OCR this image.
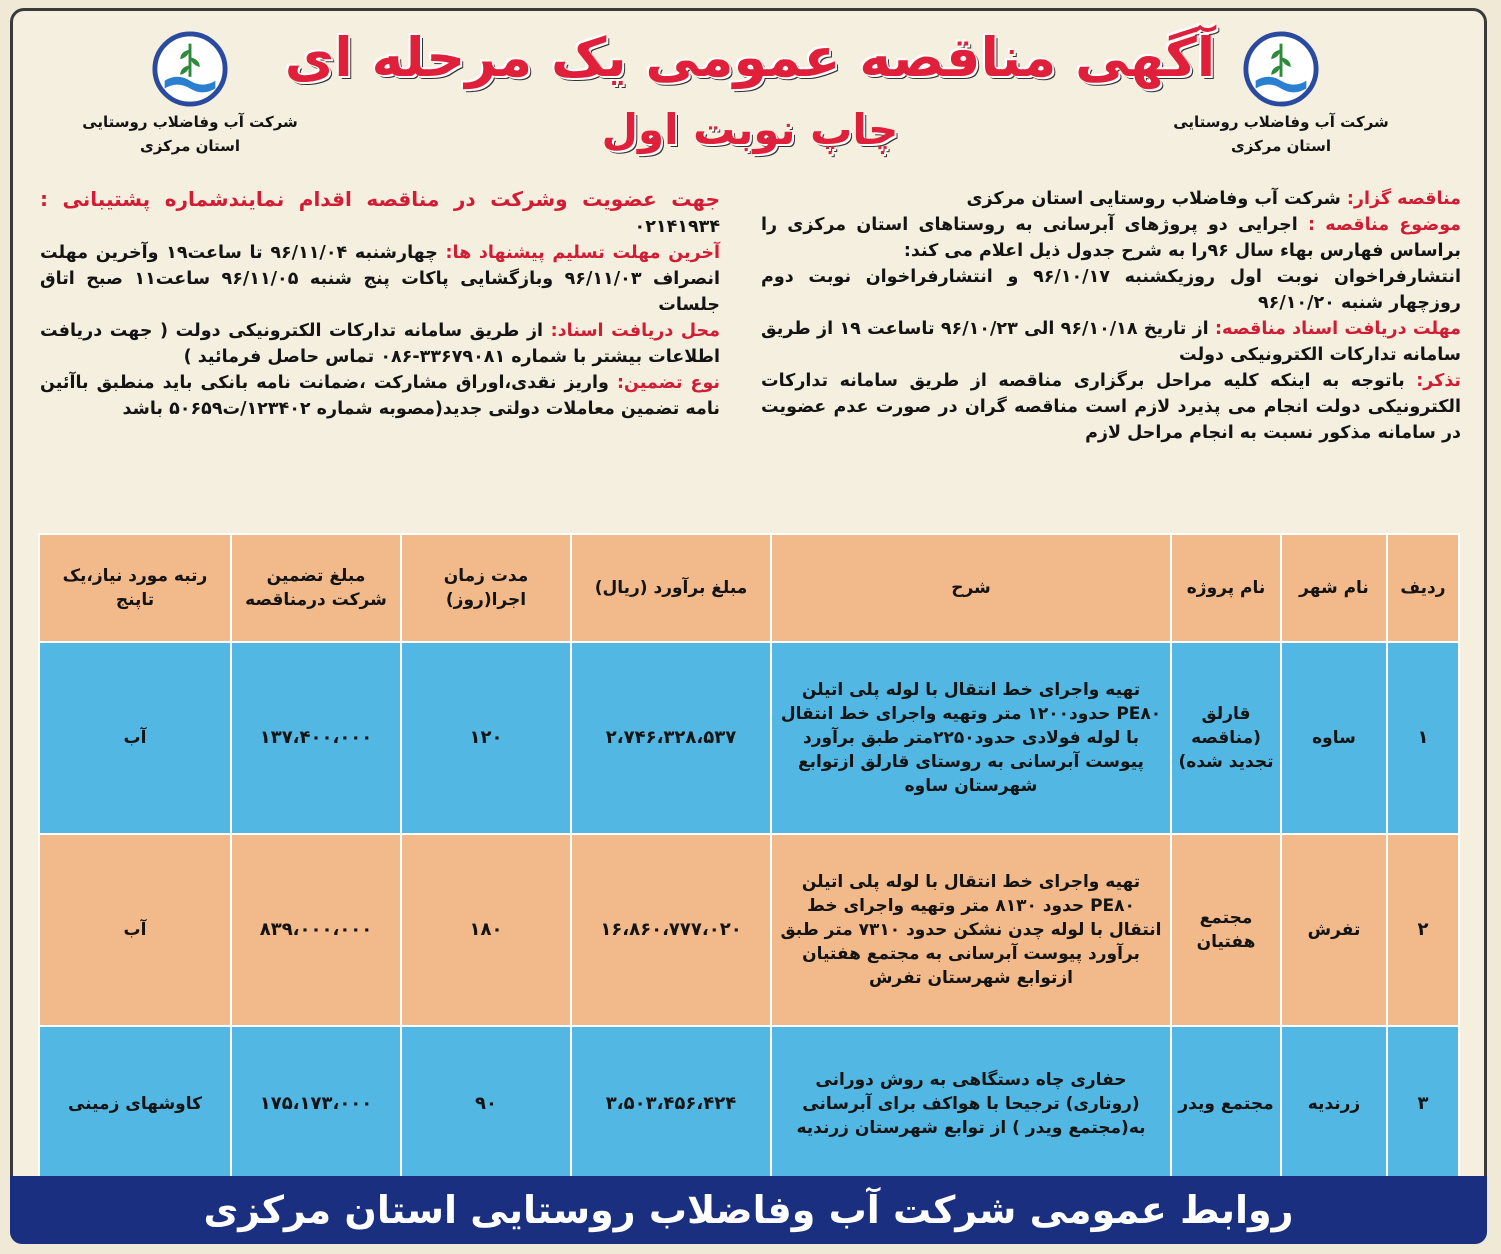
شرکت آب وفاضلاب روستایی
استان مرکزی
شرکت آب وفاضلاب روستایی
استان مرکزی
آگهی مناقصه عمومی یک مرحله ای
چاپ نوبت اول

مناقصه گزار: شرکت آب وفاضلاب روستایی استان مرکزی

موضوع مناقصه : اجرایی دو پروژهای آبرسانی به روستاهای استان مرکزی را براساس فهارس بهاء سال ۹۶را به شرح جدول ذیل اعلام می کند:

انتشارفراخوان نوبت اول روزیکشنبه ۹۶/۱۰/۱۷ و انتشارفراخوان نوبت دوم روزچهار شنبه ۹۶/۱۰/۲۰

مهلت دریافت اسناد مناقصه: از تاریخ ۹۶/۱۰/۱۸ الی ۹۶/۱۰/۲۳ تاساعت ۱۹ از طریق سامانه تدارکات الکترونیکی دولت

تذکر: باتوجه به اینکه کلیه مراحل برگزاری مناقصه از طریق سامانه تدارکات الکترونیکی دولت انجام می پذیرد لازم است مناقصه گران در صورت عدم عضویت در سامانه مذکور نسبت به انجام مراحل لازم

جهت عضویت وشرکت در مناقصه اقدام نمایندشماره پشتیبانی : ۰۲۱۴۱۹۳۴

آخرین مهلت تسلیم پیشنهاد ها: چهارشنبه ۹۶/۱۱/۰۴ تا ساعت۱۹ وآخرین مهلت انصراف ۹۶/۱۱/۰۳ وبازگشایی پاکات پنج شنبه ۹۶/۱۱/۰۵ ساعت۱۱ صبح اتاق جلسات

محل دریافت اسناد: از طریق سامانه تدارکات الکترونیکی دولت ( جهت دریافت اطلاعات بیشتر با شماره ۳۳۶۷۹۰۸۱-۰۸۶ تماس حاصل فرمائید )

نوع تضمین: واریز نقدی،اوراق مشارکت ،ضمانت نامه بانکی باید منطبق باآئین نامه تضمین معاملات دولتی جدید(مصوبه شماره ۱۲۳۴۰۲/ت۵۰۶۵۹ باشد

ردیف	نام شهر	نام پروژه	شرح	مبلغ برآورد (ریال)	مدت زمان اجرا(روز)	مبلغ تضمین شرکت درمناقصه	رتبه مورد نیاز،یک تاپنج
۱	ساوه	قارلق (مناقصه تجدید شده)	تهیه واجرای خط انتقال با لوله پلی اتیلن PE۸۰ حدود۱۲۰۰ متر وتهیه واجرای خط انتقال با لوله فولادی حدود۲۲۵۰متر طبق برآورد پیوست آبرسانی به روستای قارلق ازتوابع شهرستان ساوه	۲،۷۴۶،۳۲۸،۵۳۷	۱۲۰	۱۳۷،۴۰۰،۰۰۰	آب
۲	تفرش	مجتمع هفتیان	تهیه واجرای خط انتقال با لوله پلی اتیلن PE۸۰ حدود ۸۱۳۰ متر وتهیه واجرای خط انتقال با لوله چدن نشکن حدود ۷۳۱۰ متر طبق برآورد پیوست آبرسانی به مجتمع هفتیان ازتوابع شهرستان تفرش	۱۶،۸۶۰،۷۷۷،۰۲۰	۱۸۰	۸۳۹،۰۰۰،۰۰۰	آب
۳	زرندیه	مجتمع ویدر	حفاری چاه دستگاهی به روش دورانی (روتاری) ترجیحا با هواکف برای آبرسانی به(مجتمع ویدر ) از توابع شهرستان زرندیه	۳،۵۰۳،۴۵۶،۴۲۴	۹۰	۱۷۵،۱۷۳،۰۰۰	کاوشهای زمینی
روابط عمومی شرکت آب وفاضلاب روستایی استان مرکزی
